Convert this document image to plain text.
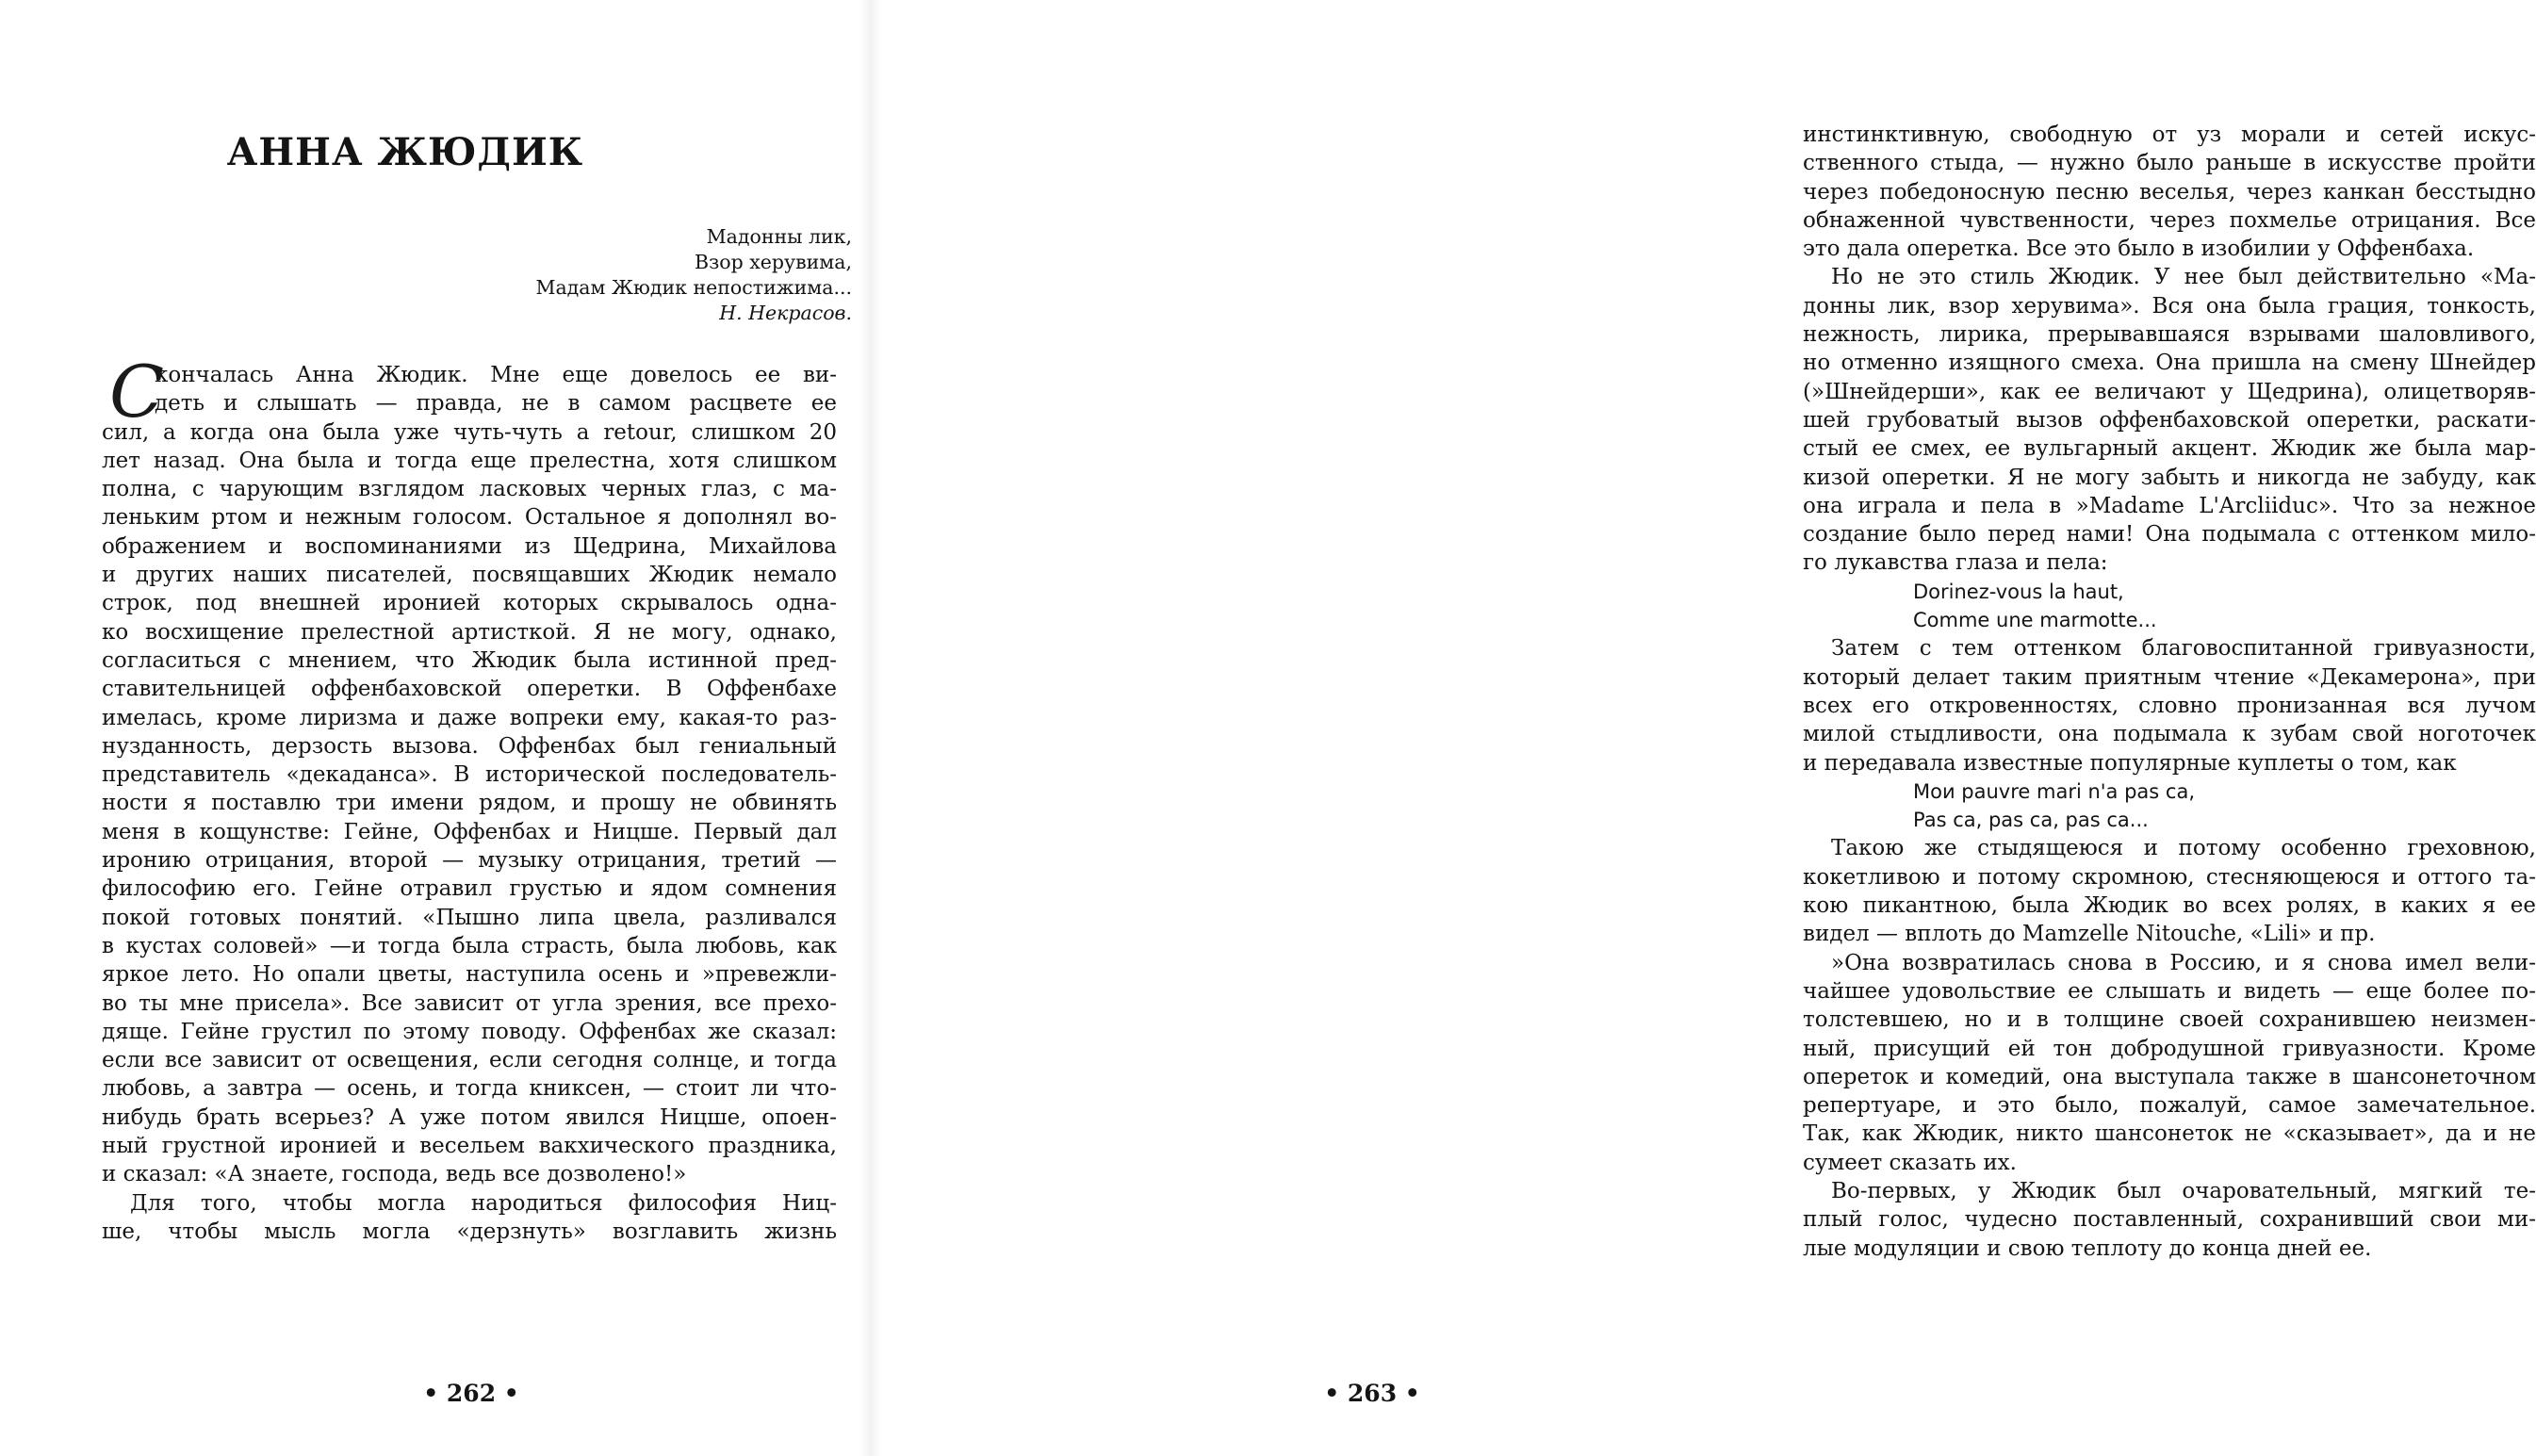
АННА ЖЮДИК
Мадонны лик,
Взор херувима,
Мадам Жюдик непостижима...
Н. Некрасов.
С
кончалась Анна Жюдик. Мне еще довелось ее ви-
деть и слышать — правда, не в самом расцвете ее
сил, а когда она была уже чуть-чуть a retour, слишком 20
лет назад. Она была и тогда еще прелестна, хотя слишком
полна, с чарующим взглядом ласковых черных глаз, с ма-
леньким ртом и нежным голосом. Остальное я дополнял во-
ображением и воспоминаниями из Щедрина, Михайлова
и других наших писателей, посвящавших Жюдик немало
строк, под внешней иронией которых скрывалось одна-
ко восхищение прелестной артисткой. Я не могу, однако,
согласиться с мнением, что Жюдик была истинной пред-
ставительницей оффенбаховской оперетки. В Оффенбахе
имелась, кроме лиризма и даже вопреки ему, какая-то раз-
нузданность, дерзость вызова. Оффенбах был гениальный
представитель «декаданса». В исторической последователь-
ности я поставлю три имени рядом, и прошу не обвинять
меня в кощунстве: Гейне, Оффенбах и Ницше. Первый дал
иронию отрицания, второй — музыку отрицания, третий —
философию его. Гейне отравил грустью и ядом сомнения
покой готовых понятий. «Пышно липа цвела, разливался
в кустах соловей» —и тогда была страсть, была любовь, как
яркое лето. Но опали цветы, наступила осень и »превежли-
во ты мне присела». Все зависит от угла зрения, все прехо-
дяще. Гейне грустил по этому поводу. Оффенбах же сказал:
если все зависит от освещения, если сегодня солнце, и тогда
любовь, а завтра — осень, и тогда книксен, — стоит ли что-
нибудь брать всерьез? А уже потом явился Ницше, опоен-
ный грустной иронией и весельем вакхического праздника,
и сказал: «А знаете, господа, ведь все дозволено!»
Для того, чтобы могла народиться философия Ниц-
ше, чтобы мысль могла «дерзнуть» возглавить жизнь
• 262 •
инстинктивную, свободную от уз морали и сетей искус-
ственного стыда, — нужно было раньше в искусстве пройти
через победоносную песню веселья, через канкан бесстыдно
обнаженной чувственности, через похмелье отрицания. Все
это дала оперетка. Все это было в изобилии у Оффенбаха.
Но не это стиль Жюдик. У нее был действительно «Ма-
донны лик, взор херувима». Вся она была грация, тонкость,
нежность, лирика, прерывавшаяся взрывами шаловливого,
но отменно изящного смеха. Она пришла на смену Шнейдер
(»Шнейдерши», как ее величают у Щедрина), олицетворяв-
шей грубоватый вызов оффенбаховской оперетки, раскати-
стый ее смех, ее вульгарный акцент. Жюдик же была мар-
кизой оперетки. Я не могу забыть и никогда не забуду, как
она играла и пела в »Madame L'Arcliiduc». Что за нежное
создание было перед нами! Она подымала с оттенком мило-
го лукавства глаза и пела:
Dorinez-vous la haut,
Comme une marmotte...
Затем с тем оттенком благовоспитанной гривуазности,
который делает таким приятным чтение «Декамерона», при
всех его откровенностях, словно пронизанная вся лучом
милой стыдливости, она подымала к зубам свой ноготочек
и передавала известные популярные куплеты о том, как
Мои pauvre mari n'a pas ca,
Pas ca, pas ca, pas ca...
Такою же стыдящеюся и потому особенно греховною,
кокетливою и потому скромною, стесняющеюся и оттого та-
кою пикантною, была Жюдик во всех ролях, в каких я ее
видел — вплоть до Mamzelle Nitouche, «Lili» и пр.
»Она возвратилась снова в Россию, и я снова имел вели-
чайшее удовольствие ее слышать и видеть — еще более по-
толстевшею, но и в толщине своей сохранившею неизмен-
ный, присущий ей тон добродушной гривуазности. Кроме
опереток и комедий, она выступала также в шансонеточном
репертуаре, и это было, пожалуй, самое замечательное.
Так, как Жюдик, никто шансонеток не «сказывает», да и не
сумеет сказать их.
Во-первых, у Жюдик был очаровательный, мягкий те-
плый голос, чудесно поставленный, сохранивший свои ми-
лые модуляции и свою теплоту до конца дней ее.
• 263 •
